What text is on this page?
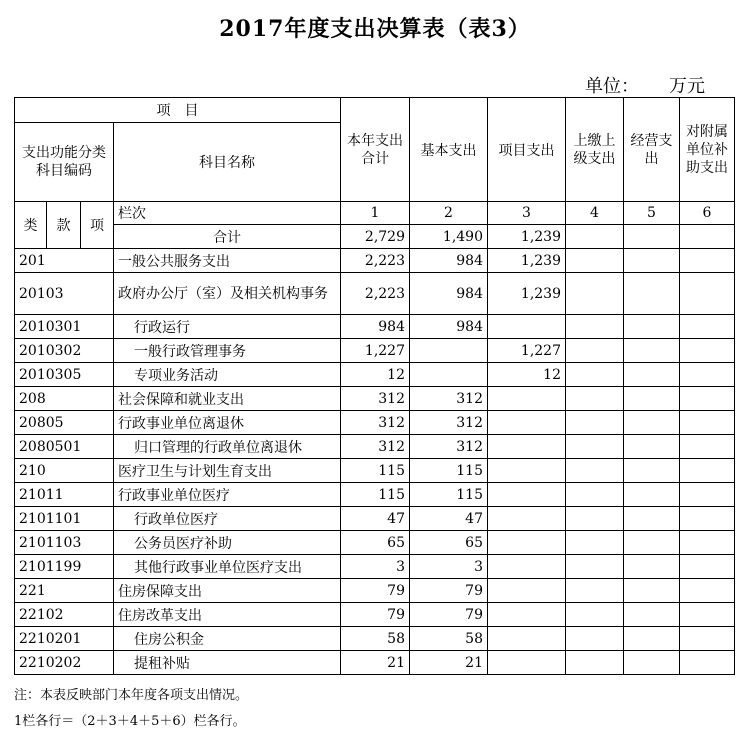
2017年度支出决算表（表3）
单位： 万元
项　目				本年支出合计	基本支出	项目支出	上缴上级支出	经营支出	对附属单位补助支出
支出功能分类科目编码			科目名称						
类	款	项	栏次	1	2	3	4	5	6
			合计	2,729	1,490	1,239			
201			一般公共服务支出	2,223	984	1,239			
20103			政府办公厅（室）及相关机构事务	2,223	984	1,239			
2010301			行政运行	984	984				
2010302			一般行政管理事务	1,227		1,227			
2010305			专项业务活动	12		12			
208			社会保障和就业支出	312	312				
20805			行政事业单位离退休	312	312				
2080501			归口管理的行政单位离退休	312	312				
210			医疗卫生与计划生育支出	115	115				
21011			行政事业单位医疗	115	115				
2101101			行政单位医疗	47	47				
2101103			公务员医疗补助	65	65				
2101199			其他行政事业单位医疗支出	3	3				
221			住房保障支出	79	79				
22102			住房改革支出	79	79				
2210201			住房公积金	58	58				
2210202			提租补贴	21	21				
注：本表反映部门本年度各项支出情况。
1栏各行＝（2＋3＋4＋5＋6）栏各行。
